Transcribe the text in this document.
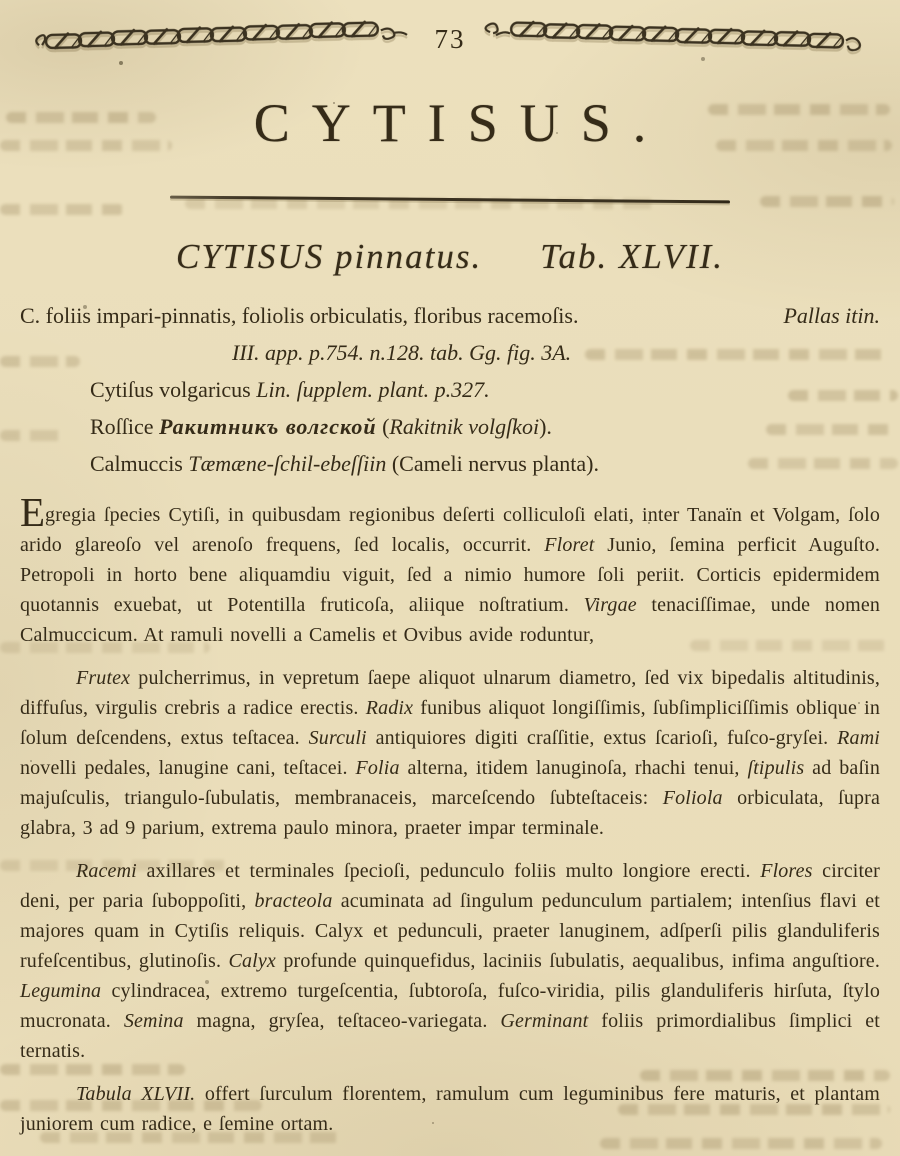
73
CYTISUS.
CYTISUS pinnatus. Tab. XLVII.
C. foliis impari-pinnatis, foliolis orbiculatis, floribus racemoſis.	Pallas itin.
III. app. p.754. n.128. tab. Gg. fig. 3A.
Cytiſus volgaricus Lin. ſupplem. plant. p.327.
Roſſice Ракитникъ волгской (Rakitnik volgſkoi).
Calmuccis Tæmæne-ſchil-ebeſſiin (Cameli nervus planta).

Egregia ſpecies Cytiſi, in quibusdam regionibus deſerti colliculoſi elati, inter Tanaïn et Volgam, ſolo arido glareoſo vel arenoſo frequens, ſed localis, occurrit. Floret Junio, ſemina perficit Auguſto. Petropoli in horto bene aliquamdiu viguit, ſed a nimio humore ſoli periit. Corticis epidermidem quotannis exuebat, ut Potentilla fruticoſa, aliique noſtratium. Virgae tenaciſſimae, unde nomen Calmuccicum. At ramuli novelli a Camelis et Ovibus avide roduntur,

Frutex pulcherrimus, in vepretum ſaepe aliquot ulnarum diametro, ſed vix bipedalis altitudinis, diffuſus, virgulis crebris a radice erectis. Radix funibus aliquot longiſſimis, ſubſimpliciſſimis oblique in ſolum deſcendens, extus teſtacea. Surculi antiquiores digiti craſſitie, extus ſcarioſi, fuſco-gryſei. Rami novelli pedales, lanugine cani, teſtacei. Folia alterna, itidem lanuginoſa, rhachi tenui, ſtipulis ad baſin majuſculis, triangulo-ſubulatis, membranaceis, marceſcendo ſubteſtaceis: Foliola orbiculata, ſupra glabra, 3 ad 9 parium, extrema paulo minora, praeter impar terminale.

Racemi axillares et terminales ſpecioſi, pedunculo foliis multo longiore erecti. Flores circiter deni, per paria ſuboppoſiti, bracteola acuminata ad ſingulum pedunculum partialem; intenſius flavi et majores quam in Cytiſis reliquis. Calyx et pedunculi, praeter lanuginem, adſperſi pilis glanduliferis rufeſcentibus, glutinoſis. Calyx profunde quinquefidus, laciniis ſubulatis, aequalibus, infima anguſtiore. Legumina cylindracea, extremo turgeſcentia, ſubtoroſa, fuſco-viridia, pilis glanduliferis hirſuta, ſtylo mucronata. Semina magna, gryſea, teſtaceo-variegata. Germinant foliis primordialibus ſimplici et ternatis.

Tabula XLVII. offert ſurculum florentem, ramulum cum leguminibus fere maturis, et plantam juniorem cum radice, e ſemine ortam.
